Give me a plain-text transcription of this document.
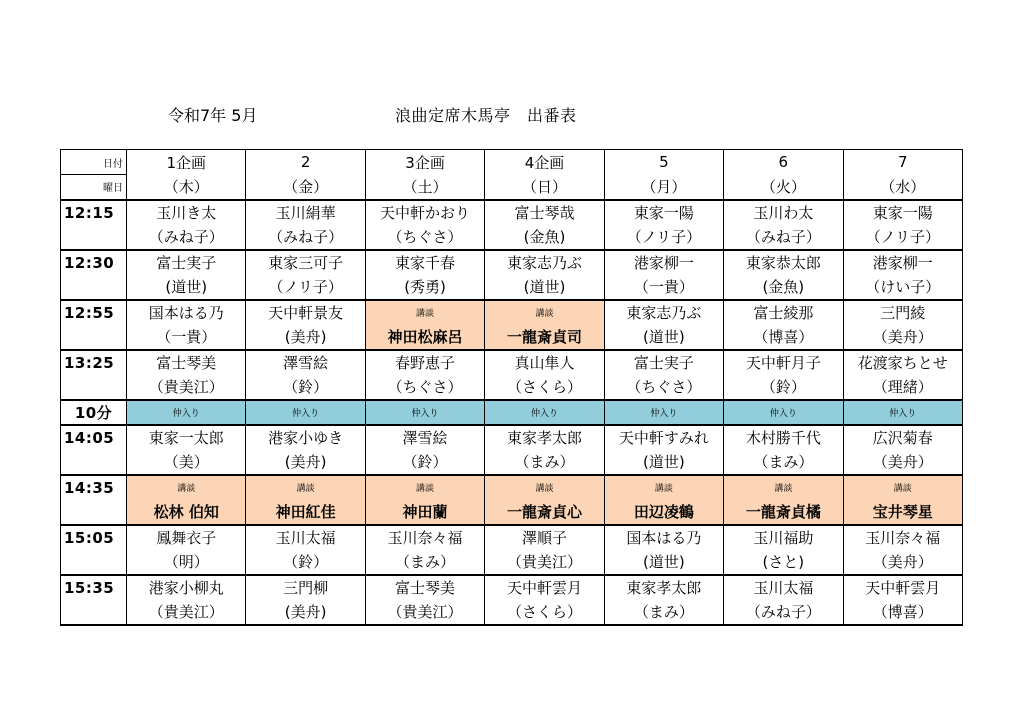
令和7年 5月	浪曲定席木馬亭　出番表
日付	1企画	2	3企画	4企画	5	6	7
曜日	（木）	（金）	（土）	（日）	（月）	（火）	（水）
12:15	玉川き太	玉川絹華	天中軒かおり	富士琴哉	東家一陽	玉川わ太	東家一陽
	（みね子）	（みね子）	（ちぐさ）	(金魚)	（ノリ子）	（みね子）	（ノリ子）
12:30	富士実子	東家三可子	東家千春	東家志乃ぶ	港家柳一	東家恭太郎	港家柳一
	(道世)	（ノリ子）	(秀勇)	(道世)	（一貴）	(金魚)	（けい子）
12:55	国本はる乃	天中軒景友	講談	講談	東家志乃ぶ	富士綾那	三門綾
	（一貴）	(美舟)	神田松麻呂	一龍斎貞司	(道世)	（博喜）	（美舟）
13:25	富士琴美	澤雪絵	春野恵子	真山隼人	富士実子	天中軒月子	花渡家ちとせ
	（貴美江）	（鈴）	（ちぐさ）	（さくら）	（ちぐさ）	（鈴）	（理緒）
10分	仲入り	仲入り	仲入り	仲入り	仲入り	仲入り	仲入り
14:05	東家一太郎	港家小ゆき	澤雪絵	東家孝太郎	天中軒すみれ	木村勝千代	広沢菊春
	（美）	(美舟)	（鈴）	（まみ）	(道世)	（まみ）	（美舟）
14:35	講談	講談	講談	講談	講談	講談	講談
	松林 伯知	神田紅佳	神田蘭	一龍斎貞心	田辺凌鶴	一龍斎貞橘	宝井琴星
15:05	鳳舞衣子	玉川太福	玉川奈々福	澤順子	国本はる乃	玉川福助	玉川奈々福
	（明）	（鈴）	（まみ）	（貴美江）	(道世)	(さと)	（美舟）
15:35	港家小柳丸	三門柳	富士琴美	天中軒雲月	東家孝太郎	玉川太福	天中軒雲月
	（貴美江）	(美舟)	（貴美江）	（さくら）	（まみ）	（みね子）	（博喜）
